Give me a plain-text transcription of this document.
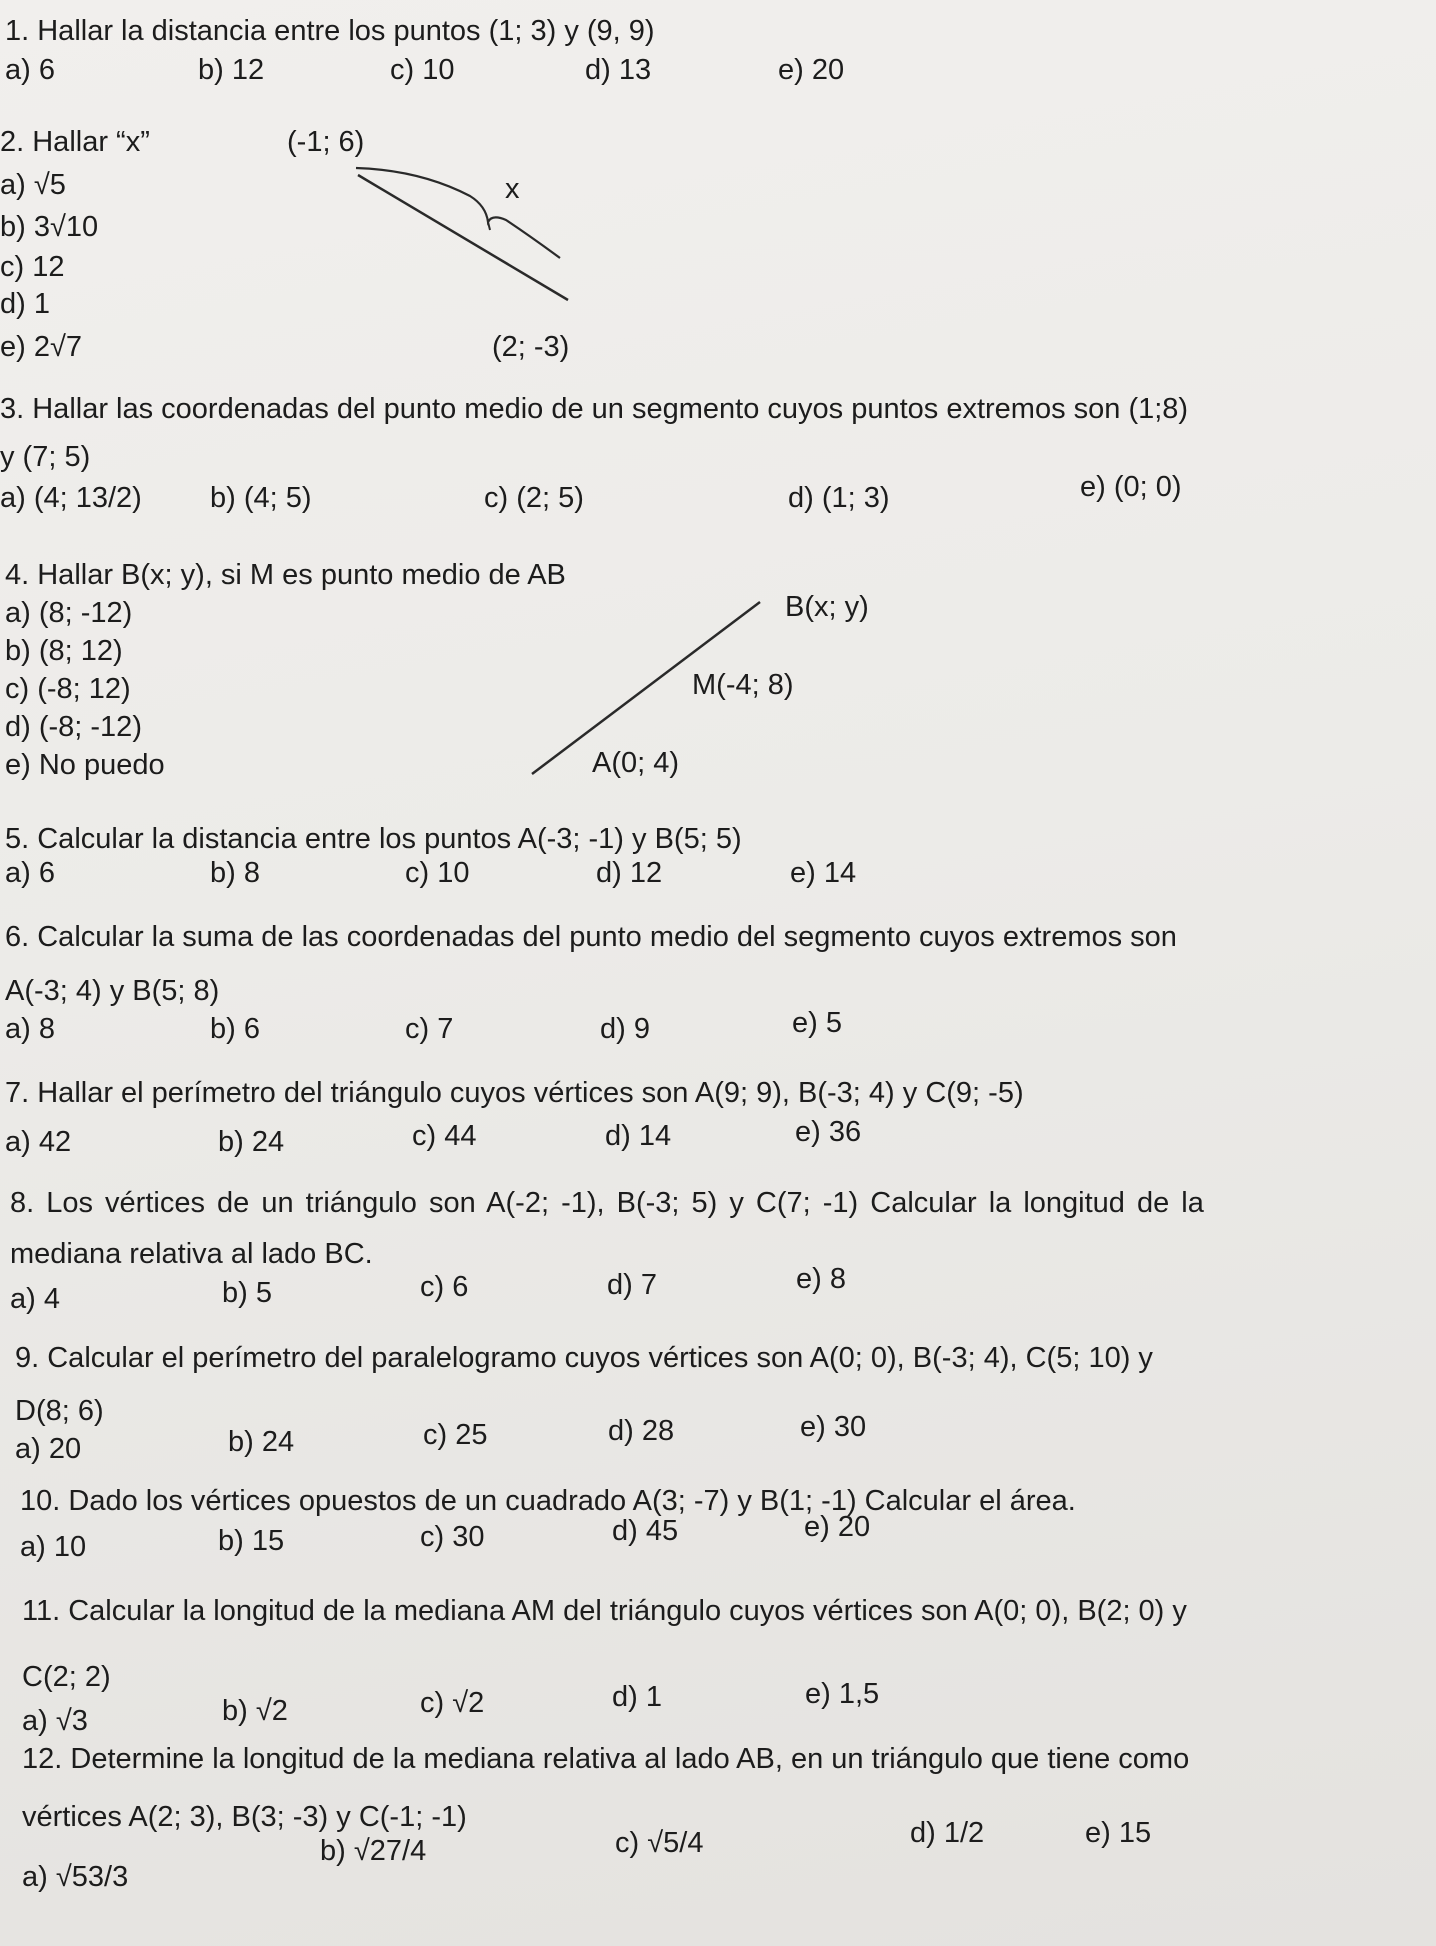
1. Hallar la distancia entre los puntos (1; 3) y (9, 9)
a) 6	b) 12	c) 10	d) 13	e) 20
2. Hallar “x”
a) √5
b) 3√10
c) 12
d) 1
e) 2√7
(-1; 6)
x
(2; -3)
3. Hallar las coordenadas del punto medio de un segmento cuyos puntos extremos son (1;8)
y (7; 5)
a) (4; 13/2) b) (4; 5)	c) (2; 5)	d) (1; 3)	e) (0; 0)
4. Hallar B(x; y), si M es punto medio de AB
a) (8; -12)
b) (8; 12)
c) (-8; 12)
d) (-8; -12)
e) No puedo
B(x; y)
M(-4; 8)
A(0; 4)
5. Calcular la distancia entre los puntos A(-3; -1) y B(5; 5)
a) 6	b) 8	c) 10	d) 12	e) 14
6. Calcular la suma de las coordenadas del punto medio del segmento cuyos extremos son
A(-3; 4) y B(5; 8)
a) 8	b) 6	c) 7	d) 9	e) 5
7. Hallar el perímetro del triángulo cuyos vértices son A(9; 9), B(-3; 4) y C(9; -5)
a) 42	b) 24	c) 44	d) 14	e) 36
8. Los vértices de un triángulo son A(-2; -1), B(-3; 5) y C(7; -1) Calcular la longitud de la
mediana relativa al lado BC.
a) 4	b) 5	c) 6	d) 7	e) 8
9. Calcular el perímetro del paralelogramo cuyos vértices son A(0; 0), B(-3; 4), C(5; 10) y
D(8; 6)
a) 20	b) 24	c) 25	d) 28	e) 30
10. Dado los vértices opuestos de un cuadrado A(3; -7) y B(1; -1) Calcular el área.
a) 10	b) 15	c) 30	d) 45	e) 20
11. Calcular la longitud de la mediana AM del triángulo cuyos vértices son A(0; 0), B(2; 0) y
C(2; 2)
a) √3	b) √2	c) √2	d) 1	e) 1,5
12. Determine la longitud de la mediana relativa al lado AB, en un triángulo que tiene como
vértices A(2; 3), B(3; -3) y C(-1; -1)
a) √53/3
b) √27/4	c) √5/4	d) 1/2	e) 15
